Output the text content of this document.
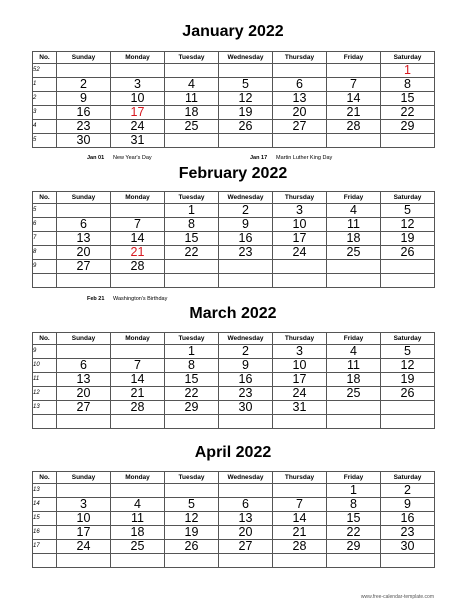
January 2022
No.	Sunday	Monday	Tuesday	Wednesday	Thursday	Friday	Saturday
52							1
1	2	3	4	5	6	7	8
2	9	10	11	12	13	14	15
3	16	17	18	19	20	21	22
4	23	24	25	26	27	28	29
5	30	31					
Jan 01 New Year's Day	Jan 17 Martin Luther King Day
February 2022
No.	Sunday	Monday	Tuesday	Wednesday	Thursday	Friday	Saturday
5			1	2	3	4	5
6	6	7	8	9	10	11	12
7	13	14	15	16	17	18	19
8	20	21	22	23	24	25	26
9	27	28					

Feb 21 Washington's Birthday
March 2022
No.	Sunday	Monday	Tuesday	Wednesday	Thursday	Friday	Saturday
9			1	2	3	4	5
10	6	7	8	9	10	11	12
11	13	14	15	16	17	18	19
12	20	21	22	23	24	25	26
13	27	28	29	30	31		

April 2022
No.	Sunday	Monday	Tuesday	Wednesday	Thursday	Friday	Saturday
13						1	2
14	3	4	5	6	7	8	9
15	10	11	12	13	14	15	16
16	17	18	19	20	21	22	23
17	24	25	26	27	28	29	30

www.free-calendar-template.com
